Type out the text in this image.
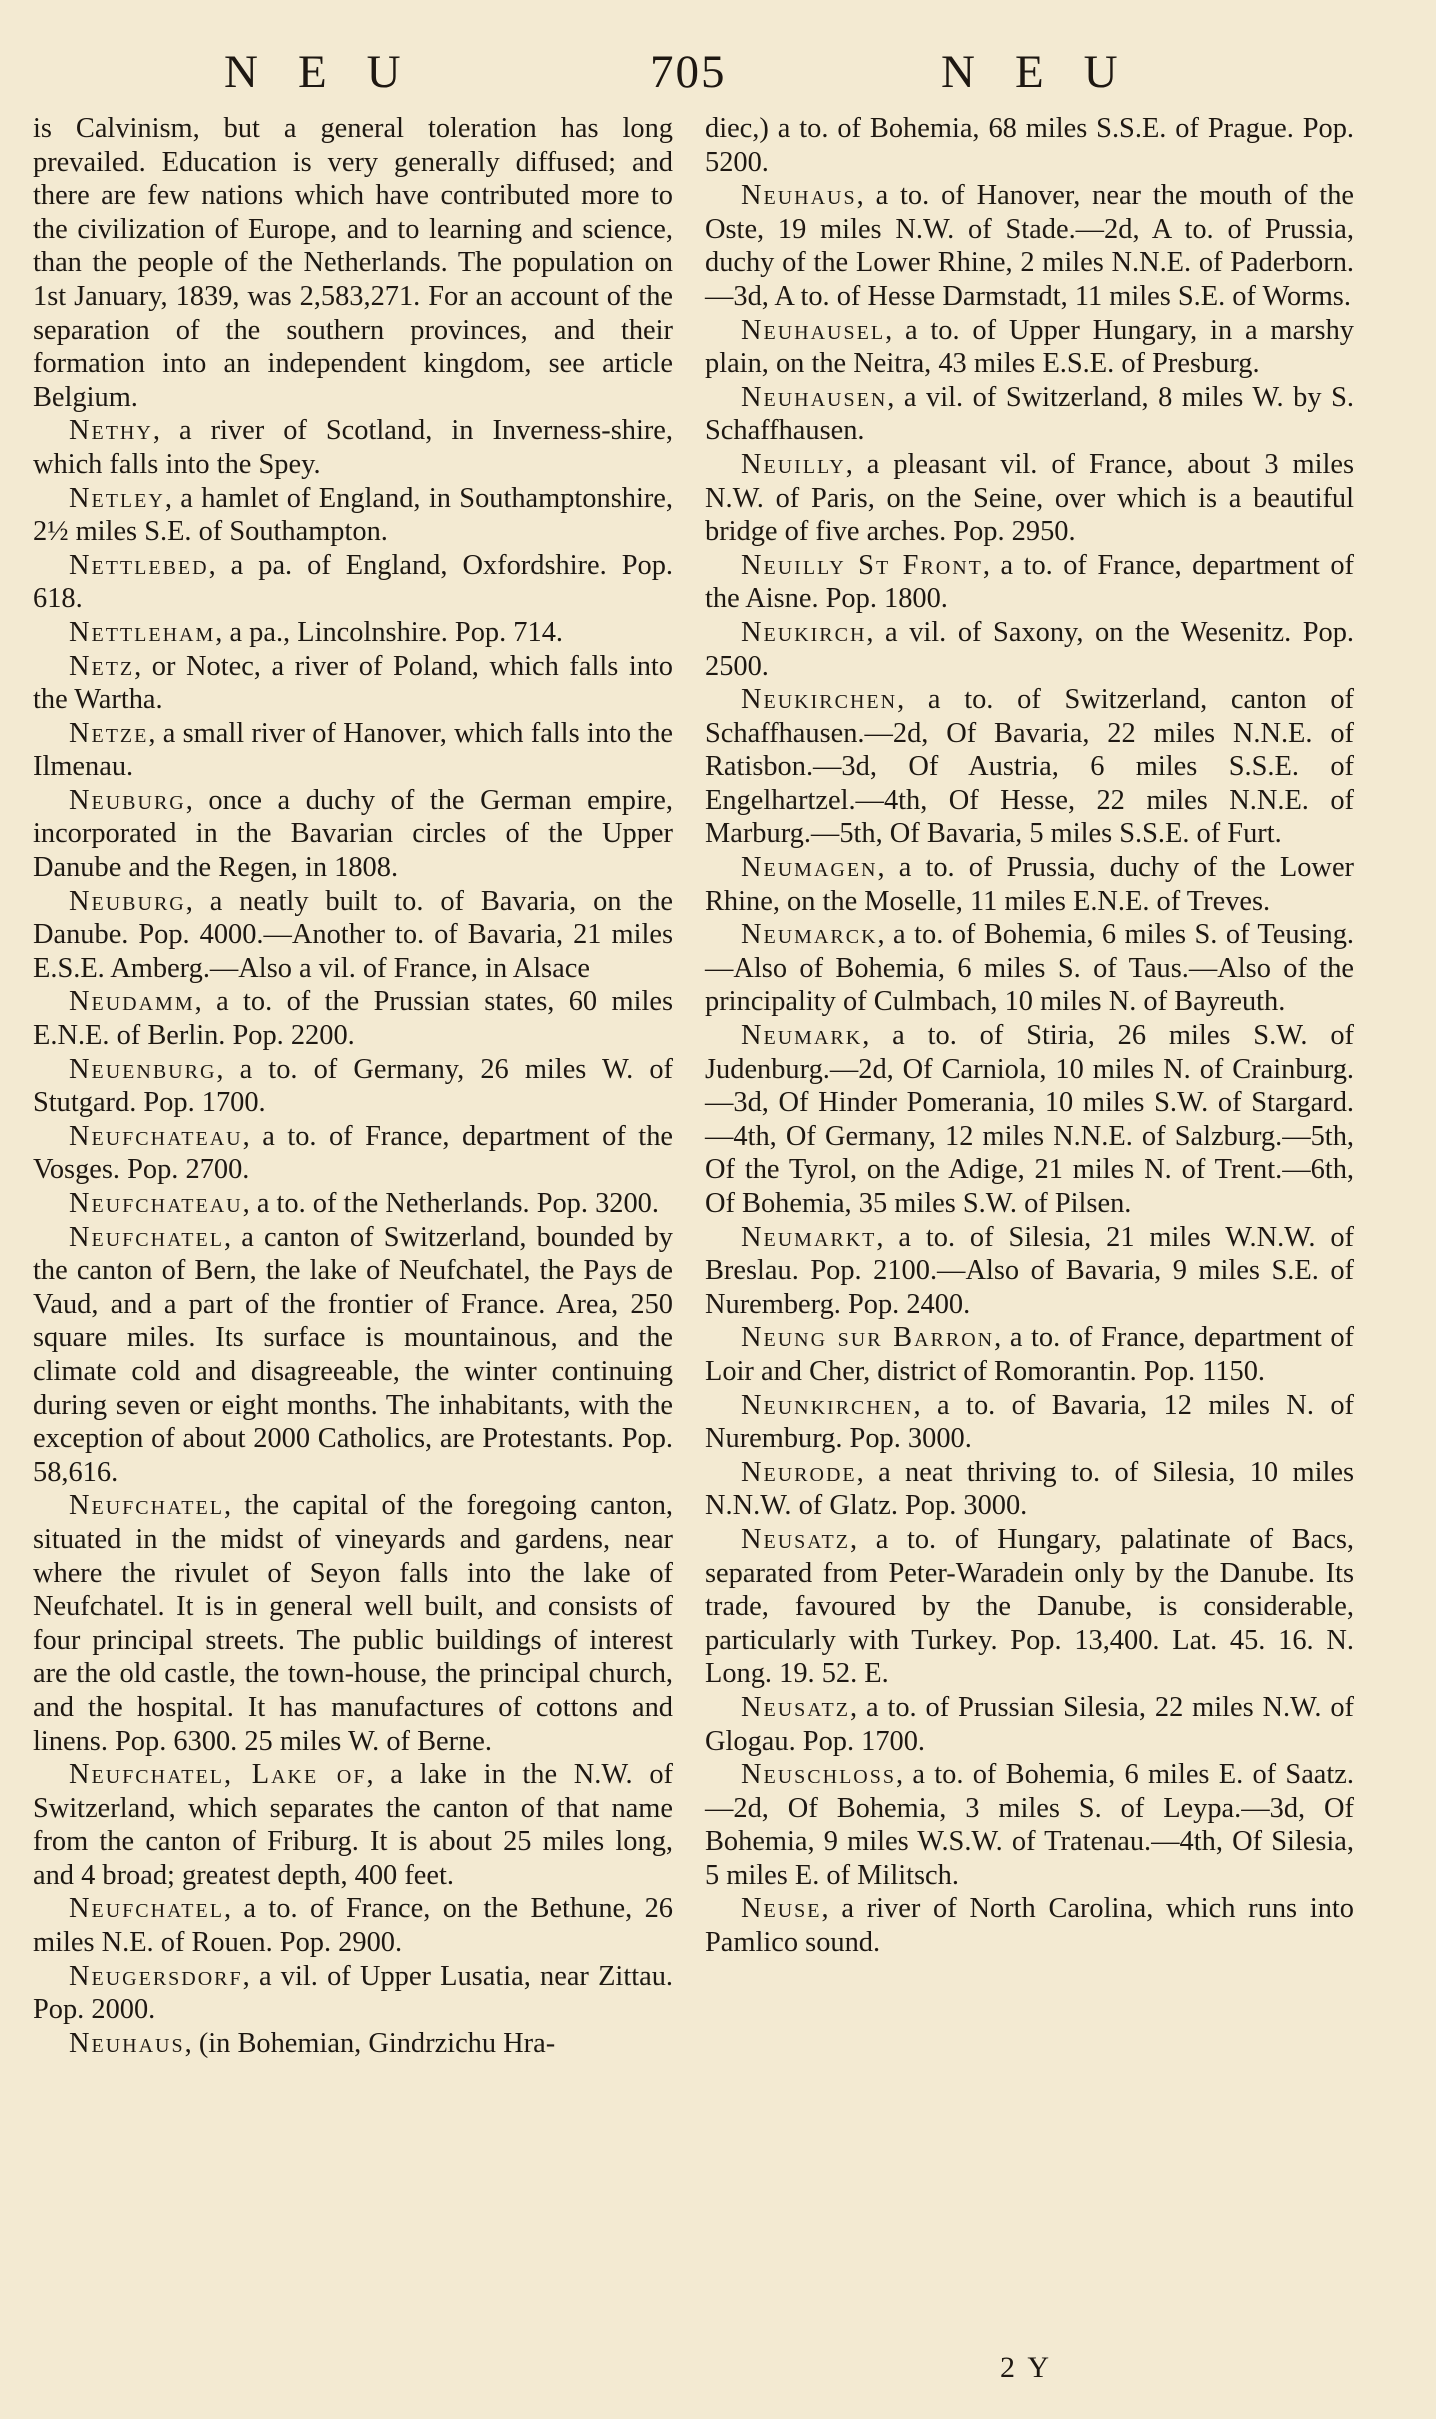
NEU	705	NEU

is Calvinism, but a general toleration has long prevailed. Education is very generally diffused; and there are few nations which have contributed more to the civilization of Europe, and to learning and science, than the people of the Netherlands. The population on 1st January, 1839, was 2,583,271. For an account of the separation of the southern provinces, and their formation into an independent kingdom, see article Belgium.

Nethy, a river of Scotland, in Inverness-shire, which falls into the Spey.

Netley, a hamlet of England, in Southamptonshire, 2½ miles S.E. of Southampton.

Nettlebed, a pa. of England, Oxfordshire. Pop. 618.

Nettleham, a pa., Lincolnshire. Pop. 714.

Netz, or Notec, a river of Poland, which falls into the Wartha.

Netze, a small river of Hanover, which falls into the Ilmenau.

Neuburg, once a duchy of the German empire, incorporated in the Bavarian circles of the Upper Danube and the Regen, in 1808.

Neuburg, a neatly built to. of Bavaria, on the Danube. Pop. 4000.—Another to. of Bavaria, 21 miles E.S.E. Amberg.—Also a vil. of France, in Alsace

Neudamm, a to. of the Prussian states, 60 miles E.N.E. of Berlin. Pop. 2200.

Neuenburg, a to. of Germany, 26 miles W. of Stutgard. Pop. 1700.

Neufchateau, a to. of France, department of the Vosges. Pop. 2700.

Neufchateau, a to. of the Netherlands. Pop. 3200.

Neufchatel, a canton of Switzerland, bounded by the canton of Bern, the lake of Neufchatel, the Pays de Vaud, and a part of the frontier of France. Area, 250 square miles. Its surface is mountainous, and the climate cold and disagreeable, the winter continuing during seven or eight months. The inhabitants, with the exception of about 2000 Catholics, are Protestants. Pop. 58,616.

Neufchatel, the capital of the foregoing canton, situated in the midst of vineyards and gardens, near where the rivulet of Seyon falls into the lake of Neufchatel. It is in general well built, and consists of four principal streets. The public buildings of interest are the old castle, the town-house, the principal church, and the hospital. It has manufactures of cottons and linens. Pop. 6300. 25 miles W. of Berne.

Neufchatel, Lake of, a lake in the N.W. of Switzerland, which separates the canton of that name from the canton of Friburg. It is about 25 miles long, and 4 broad; greatest depth, 400 feet.

Neufchatel, a to. of France, on the Bethune, 26 miles N.E. of Rouen. Pop. 2900.

Neugersdorf, a vil. of Upper Lusatia, near Zittau. Pop. 2000.

Neuhaus, (in Bohemian, Gindrzichu Hra-

diec,) a to. of Bohemia, 68 miles S.S.E. of Prague. Pop. 5200.

Neuhaus, a to. of Hanover, near the mouth of the Oste, 19 miles N.W. of Stade.—2d, A to. of Prussia, duchy of the Lower Rhine, 2 miles N.N.E. of Paderborn.—3d, A to. of Hesse Darmstadt, 11 miles S.E. of Worms.

Neuhausel, a to. of Upper Hungary, in a marshy plain, on the Neitra, 43 miles E.S.E. of Presburg.

Neuhausen, a vil. of Switzerland, 8 miles W. by S. Schaffhausen.

Neuilly, a pleasant vil. of France, about 3 miles N.W. of Paris, on the Seine, over which is a beautiful bridge of five arches. Pop. 2950.

Neuilly St Front, a to. of France, department of the Aisne. Pop. 1800.

Neukirch, a vil. of Saxony, on the Wesenitz. Pop. 2500.

Neukirchen, a to. of Switzerland, canton of Schaffhausen.—2d, Of Bavaria, 22 miles N.N.E. of Ratisbon.—3d, Of Austria, 6 miles S.S.E. of Engelhartzel.—4th, Of Hesse, 22 miles N.N.E. of Marburg.—5th, Of Bavaria, 5 miles S.S.E. of Furt.

Neumagen, a to. of Prussia, duchy of the Lower Rhine, on the Moselle, 11 miles E.N.E. of Treves.

Neumarck, a to. of Bohemia, 6 miles S. of Teusing.—Also of Bohemia, 6 miles S. of Taus.—Also of the principality of Culmbach, 10 miles N. of Bayreuth.

Neumark, a to. of Stiria, 26 miles S.W. of Judenburg.—2d, Of Carniola, 10 miles N. of Crainburg.—3d, Of Hinder Pomerania, 10 miles S.W. of Stargard.—4th, Of Germany, 12 miles N.N.E. of Salzburg.—5th, Of the Tyrol, on the Adige, 21 miles N. of Trent.—6th, Of Bohemia, 35 miles S.W. of Pilsen.

Neumarkt, a to. of Silesia, 21 miles W.N.W. of Breslau. Pop. 2100.—Also of Bavaria, 9 miles S.E. of Nuremberg. Pop. 2400.

Neung sur Barron, a to. of France, department of Loir and Cher, district of Romorantin. Pop. 1150.

Neunkirchen, a to. of Bavaria, 12 miles N. of Nuremburg. Pop. 3000.

Neurode, a neat thriving to. of Silesia, 10 miles N.N.W. of Glatz. Pop. 3000.

Neusatz, a to. of Hungary, palatinate of Bacs, separated from Peter-Waradein only by the Danube. Its trade, favoured by the Danube, is considerable, particularly with Turkey. Pop. 13,400. Lat. 45. 16. N. Long. 19. 52. E.

Neusatz, a to. of Prussian Silesia, 22 miles N.W. of Glogau. Pop. 1700.

Neuschloss, a to. of Bohemia, 6 miles E. of Saatz.—2d, Of Bohemia, 3 miles S. of Leypa.—3d, Of Bohemia, 9 miles W.S.W. of Tratenau.—4th, Of Silesia, 5 miles E. of Militsch.

Neuse, a river of North Carolina, which runs into Pamlico sound.

2 Y
